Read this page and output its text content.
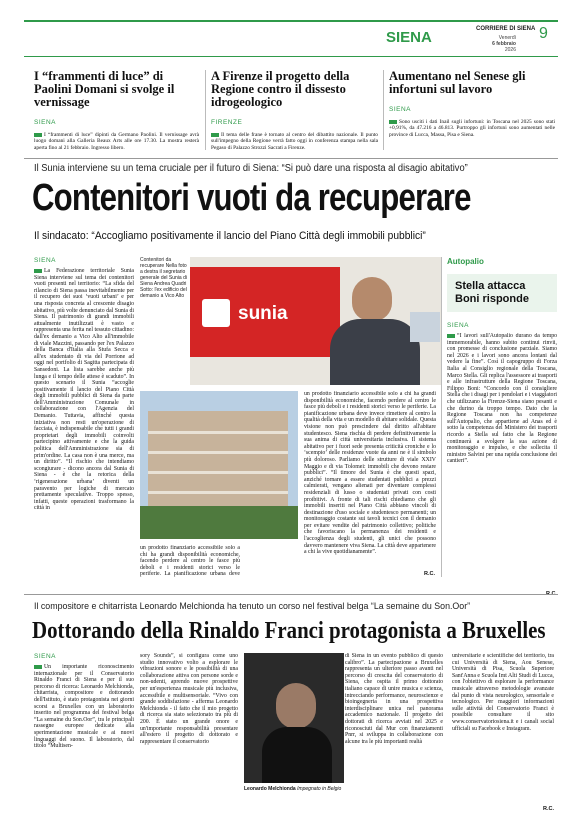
SIENA	CORRIERE DI SIENA
Venerdì
6 febbraio
2026
9
I “frammenti di luce” di Paolini Domani si svolge il vernissage
SIENA
I “frammenti di luce” dipinti da Germano Paolini. Il vernissage avrà luogo domani alla Galleria Beaux Arts alle ore 17.30. La mostra resterà aperta fino al 21 febbraio. Ingresso libero.
A Firenze il progetto della Regione contro il dissesto idrogeologico
FIRENZE
Il tema delle frane è tornato al centro del dibattito nazionale. Il punto sull'impegno della Regione verrà fatto oggi in conferenza stampa nella sala Pegaso di Palazzo Strozzi Sacrati a Firenze.
Aumentano nel Senese gli infortuni sul lavoro
SIENA
Sono usciti i dati Inail sugli infortuni: in Toscana nel 2025 sono stati +0,91%, da 47.216 a 46.813. Purtroppo gli infortuni sono aumentati nelle province di Lucca, Massa, Pisa e Siena.
Il Sunia interviene su un tema cruciale per il futuro di Siena: “Si può dare una risposta al disagio abitativo”
Contenitori vuoti da recuperare
Il sindacato: “Accogliamo positivamente il lancio del Piano Città degli immobili pubblici”
SIENA
La Federazione territoriale Sunia Siena interviene sul tema dei contenitori vuoti presenti nel territorio: “La sfida del rilancio di Siena passa inevitabilmente per il recupero dei suoi ‘vuoti urbani’ e per una risposta concreta al crescente disagio abitativo, più volte denunciato dal Sunia di Siena. Il patrimonio di grandi immobili attualmente inutilizzati è vasto e rappresenta una ferita nel tessuto cittadino: dall'ex demanio a Vico Alto all'immobile di viale Mazzini, passando per l'ex Palazzo della Banca d'Italia alla Stufa Secca e all'ex studentato di via del Porrione ad oggi nel portfolio di Sagitta partecipata di Sansedoni. La lista sarebbe anche più lunga e il tempo delle attese è scaduto”. In questo scenario il Sunia “accoglie positivamente il lancio del Piano Città degli immobili pubblici di Siena da parte dell'Amministrazione Comunale in collaborazione con l'Agenzia del Demanio. Tuttavia, affinché questa iniziativa non resti un'operazione di facciata, è indispensabile che tutti i grandi proprietari degli immobili coinvolti partecipino attivamente e che la guida politica dell'Amministrazione sia di prim'ordine. La casa non è una merce, ma un diritto”. “Il rischio che intendiamo scongiurare - dicono ancora dal Sunia di Siena - è che la retorica della ‘rigenerazione urbana’ diventi un paravento per logiche di mercato prettamente speculative. Troppo spesso, infatti, queste operazioni trasformano la città in
Contenitori da recuperare Nella foto a destra il segretario generale del Sunia di Siena Andrea Quadri Sotto: l'ex edificio del demanio a Vico Alto
sunia
Autopalio
Stella attacca Boni risponde
SIENA
“I lavori sull'Autopalio durano da tempo immemorabile, hanno subito continui rinvii, con promesse di conclusione parziale. Siamo nel 2026 e i lavori sono ancora lontani dal vedere la fine”. Così il capogruppo di Forza Italia al Consiglio regionale della Toscana, Marco Stella. Gli replica l'assessore ai trasporti e alle infrastrutture della Regione Toscana, Filippo Boni: “Concordo con il consigliere Stella che i disagi per i pendolari e i viaggiatori che utilizzano la Firenze-Siena siano pesanti e che durino da troppo tempo. Dato che la Regione Toscana non ha competenze sull'Autopalio, che appartiene ad Anas ed è sotto la competenza del Ministero dei trasporti ricordo a Stella sul fatto che la Regione continuerà a svolgere la sua azione di monitoraggio e impulso, e che sollecita il ministro Salvini per una rapida conclusione dei cantieri”.
un prodotto finanziario accessibile solo a chi ha grandi disponibilità economiche, facendo perdere al centro le fasce più deboli e i residenti storici verso le periferie. La pianificazione urbana deve
un prodotto finanziario accessibile solo a chi ha grandi disponibilità economiche, facendo perdere al centro le fasce più deboli e i residenti storici verso le periferie. La pianificazione urbana deve invece rimettere al centro la qualità della vita e un modello di abitare solidale. Questa visione non può prescindere dal diritto all'abitare studentesco. Siena rischia di perdere definitivamente la sua anima di città universitaria inclusiva. Il sistema abitativo per i fuori sede presenta criticità croniche e lo ‘scempio’ delle residenze vuote da anni ne è il simbolo più doloroso. Parliamo delle strutture di viale XXIV Maggio e di via Tolomei: immobili che devono restare pubblici”. “Il timore del Sunia è che questi spazi, anziché tornare a essere studentati pubblici a prezzi calmierati, vengano alienati per diventare complessi residenziali di lusso o studentati privati con costi proibitivi. A fronte di tali rischi chiediamo che gli immobili inseriti nel Piano Città abbiano vincoli di destinazione d'uso sociale e studentesco permanenti; un monitoraggio costante sui tavoli tecnici con il demanio per evitare vendite del patrimonio collettivo; politiche che favoriscano la permanenza dei residenti e l'accoglienza degli studenti, gli unici che possono davvero mantenere viva Siena. La città deve appartenere a chi la vive quotidianamente”.
R.C.
Il compositore e chitarrista Leonardo Melchionda ha tenuto un corso nel festival belga “La semaine du Son.Oor”
Dottorando della Rinaldo Franci protagonista a Bruxelles
SIENA
Un importante riconoscimento internazionale per il Conservatorio Rinaldo Franci di Siena e per il suo percorso di ricerca: Leonardo Melchionda, chitarrista, compositore e dottorando dell'Istituto, è stato protagonista nei giorni scorsi a Bruxelles con un laboratorio inserito nel programma del festival belga “La semaine du Son.Oor”, tra le principali rassegne europee dedicate alla sperimentazione musicale e ai nuovi linguaggi del suono. Il laboratorio, dal titolo “Multisen-
sory Sounds”, si configura come uno studio innovativo volto a esplorare le vibrazioni sonore e le possibilità di una collaborazione attiva con persone sorde e non-udenti, aprendo nuove prospettive per un'esperienza musicale più inclusiva, accessibile e multisensoriale. “Vivo con grande soddisfazione - afferma Leonardo Melchionda - il fatto che il mio progetto di ricerca sia stato selezionato tra più di 200. È stato un grande onore e un'importante responsabilità presentare all'estero il progetto di dottorato e rappresentare il conservatorio
Leonardo Melchionda Impegnato in Belgio
di Siena in un evento pubblico di questo calibro”. La partecipazione a Bruxelles rappresenta un ulteriore passo avanti nel percorso di crescita del conservatorio di Siena, che ospita il primo dottorato italiano capace di unire musica e scienza, intrecciando performance, neuroscienze e bioingegneria in una prospettiva interdisciplinare unica nel panorama accademico nazionale. Il progetto dei dottorati di ricerca avviati nel 2025 e riconosciuti dal Mur con finanziamenti Pnrr, si sviluppa in collaborazione con alcune tra le più importanti realtà
universitarie e scientifiche del territorio, tra cui Università di Siena, Aou Senese, Università di Pisa, Scuola Superiore Sant'Anna e Scuola Imt Alti Studi di Lucca, con l'obiettivo di esplorare la performance musicale attraverso metodologie avanzate dal punto di vista neurologico, sensoriale e tecnologico. Per maggiori informazioni sulle attività del Conservatorio Franci è possibile consultare il sito www.conservatoriosiena.it e i canali social ufficiali su Facebook e Instagram.
R.C.
